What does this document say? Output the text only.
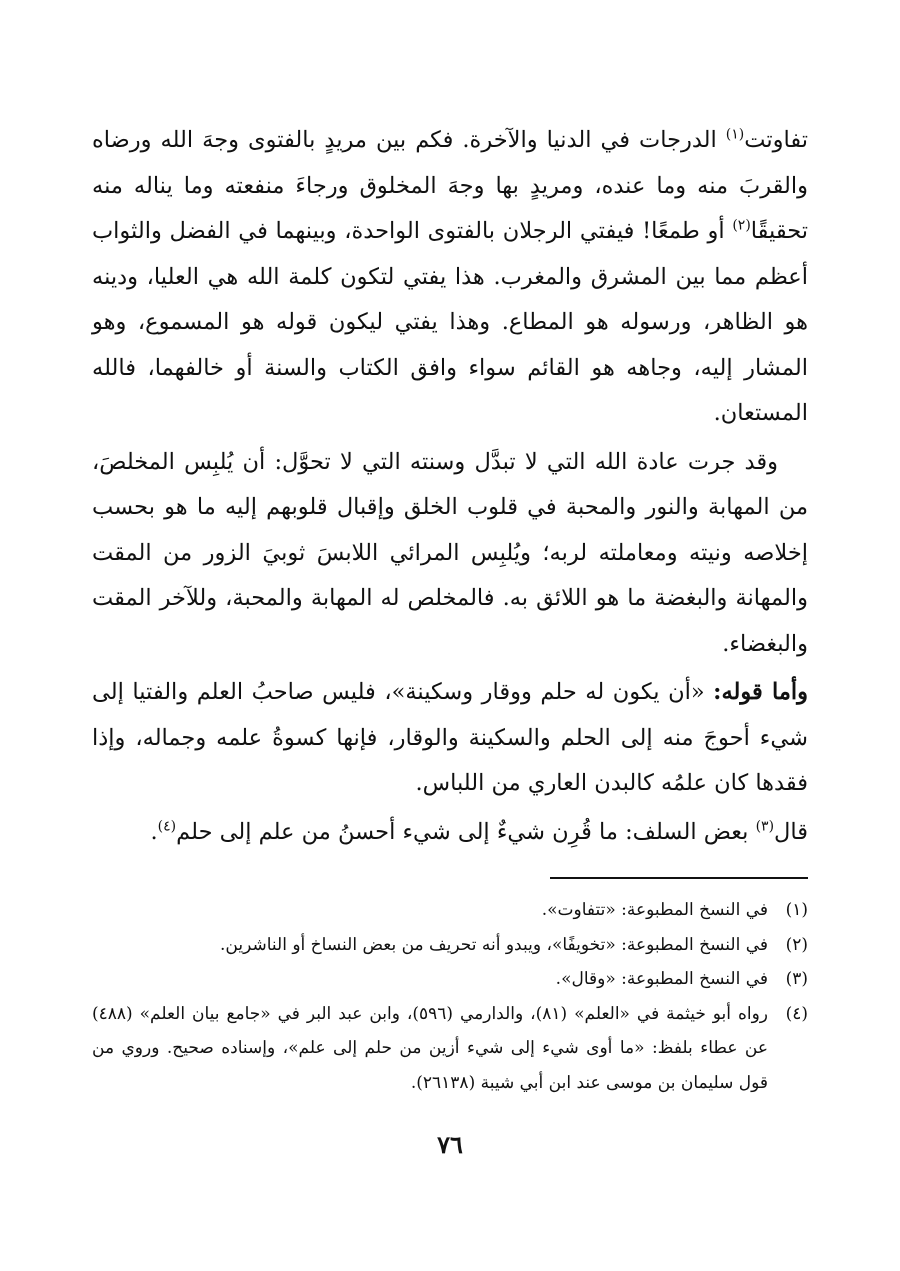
تفاوتت$^{(١)}$ الدرجات في الدنيا والآخرة. فكم بين مريدٍ بالفتوى وجهَ الله ورضاه والقربَ منه وما عنده، ومريدٍ بها وجهَ المخلوق ورجاءَ منفعته وما يناله منه تحقيقًا$^{(٢)}$ أو طمعًا! فيفتي الرجلان بالفتوى الواحدة، وبينهما في الفضل والثواب أعظم مما بين المشرق والمغرب. هذا يفتي لتكون كلمة الله هي العليا، ودينه هو الظاهر، ورسوله هو المطاع. وهذا يفتي ليكون قوله هو المسموع، وهو المشار إليه، وجاهه هو القائم سواء وافق الكتاب والسنة أو خالفهما، فالله المستعان.

وقد جرت عادة الله التي لا تبدَّل وسنته التي لا تحوَّل: أن يُلبِس المخلصَ، من المهابة والنور والمحبة في قلوب الخلق وإقبال قلوبهم إليه ما هو بحسب إخلاصه ونيته ومعاملته لربه؛ ويُلبِس المرائي اللابسَ ثوبيَ الزور من المقت والمهانة والبغضة ما هو اللائق به. فالمخلص له المهابة والمحبة، وللآخر المقت والبغضاء.

وأما قوله: «أن يكون له حلم ووقار وسكينة»، فليس صاحبُ العلم والفتيا إلى شيء أحوجَ منه إلى الحلم والسكينة والوقار، فإنها كسوةُ علمه وجماله، وإذا فقدها كان علمُه كالبدن العاري من اللباس.

قال$^{(٣)}$ بعض السلف: ما قُرِن شيءٌ إلى شيء أحسنُ من علم إلى حلم$^{(٤)}$.

(١)
في النسخ المطبوعة: «تتفاوت».
(٢)
في النسخ المطبوعة: «تخويفًا»، ويبدو أنه تحريف من بعض النساخ أو الناشرين.
(٣)
في النسخ المطبوعة: «وقال».
(٤)
رواه أبو خيثمة في «العلم» (٨١)، والدارمي (٥٩٦)، وابن عبد البر في «جامع بيان العلم» (٤٨٨) عن عطاء بلفظ: «ما أوى شيء إلى شيء أزين من حلم إلى علم»، وإسناده صحيح. وروي من قول سليمان بن موسى عند ابن أبي شيبة (٢٦١٣٨).
٧٦
